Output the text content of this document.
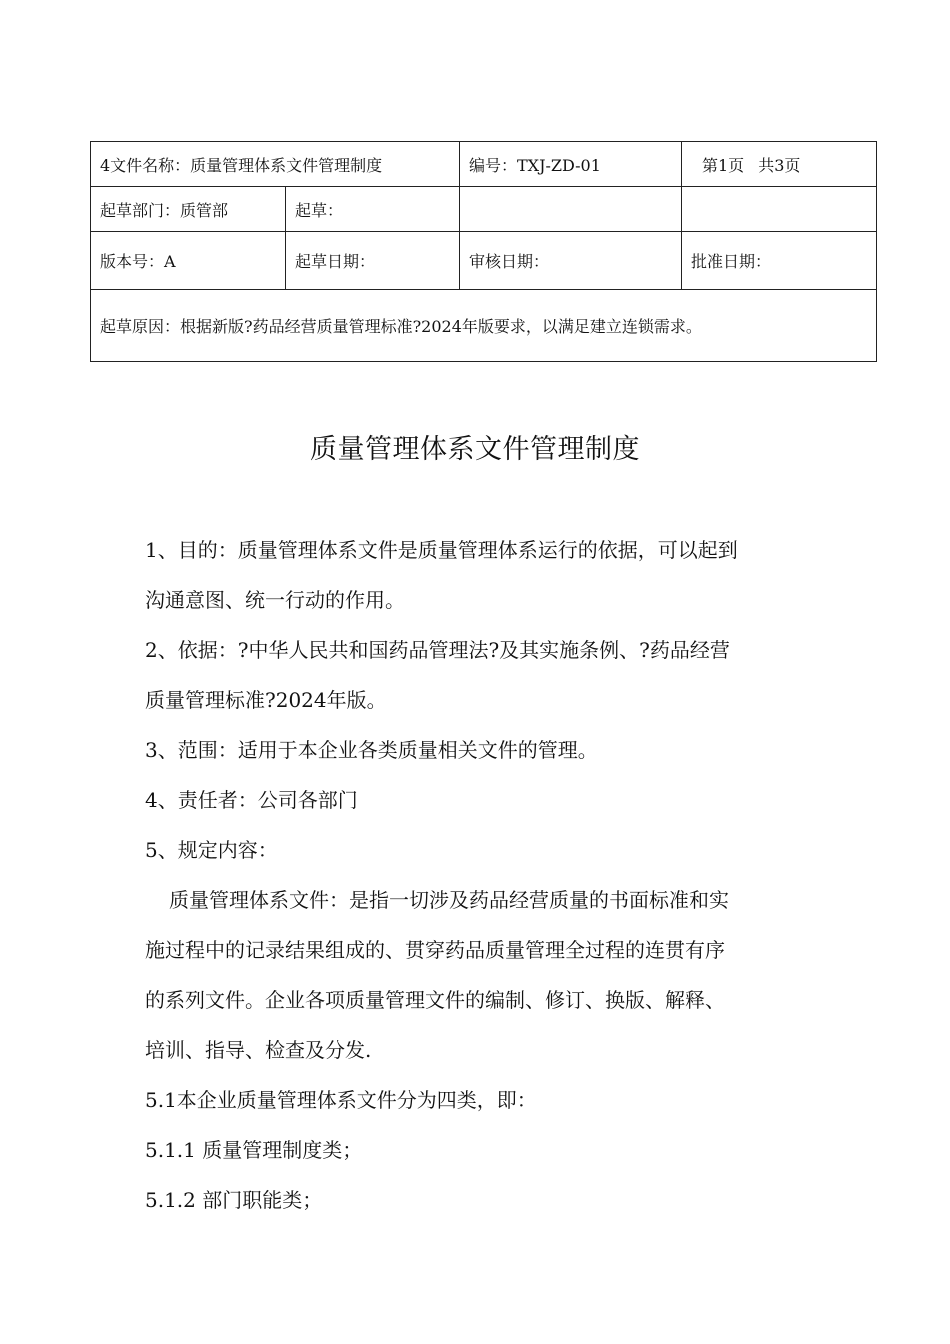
4文件名称：质量管理体系文件管理制度		编号：TXJ-ZD-01	第1页 共3页
起草部门：质管部	起草：		
版本号：A	起草日期：	审核日期：	批准日期：
起草原因：根据新版?药品经营质量管理标准?2024年版要求，以满足建立连锁需求。			
质量管理体系文件管理制度

1、目的：质量管理体系文件是质量管理体系运行的依据，可以起到

沟通意图、统一行动的作用。

2、依据：?中华人民共和国药品管理法?及其实施条例、?药品经营

质量管理标准?2024年版。

3、范围：适用于本企业各类质量相关文件的管理。

4、责任者：公司各部门

5、规定内容：

质量管理体系文件：是指一切涉及药品经营质量的书面标准和实

施过程中的记录结果组成的、贯穿药品质量管理全过程的连贯有序

的系列文件。企业各项质量管理文件的编制、修订、换版、解释、

培训、指导、检查及分发.

5.1本企业质量管理体系文件分为四类，即：

5.1.1 质量管理制度类；

5.1.2 部门职能类；
